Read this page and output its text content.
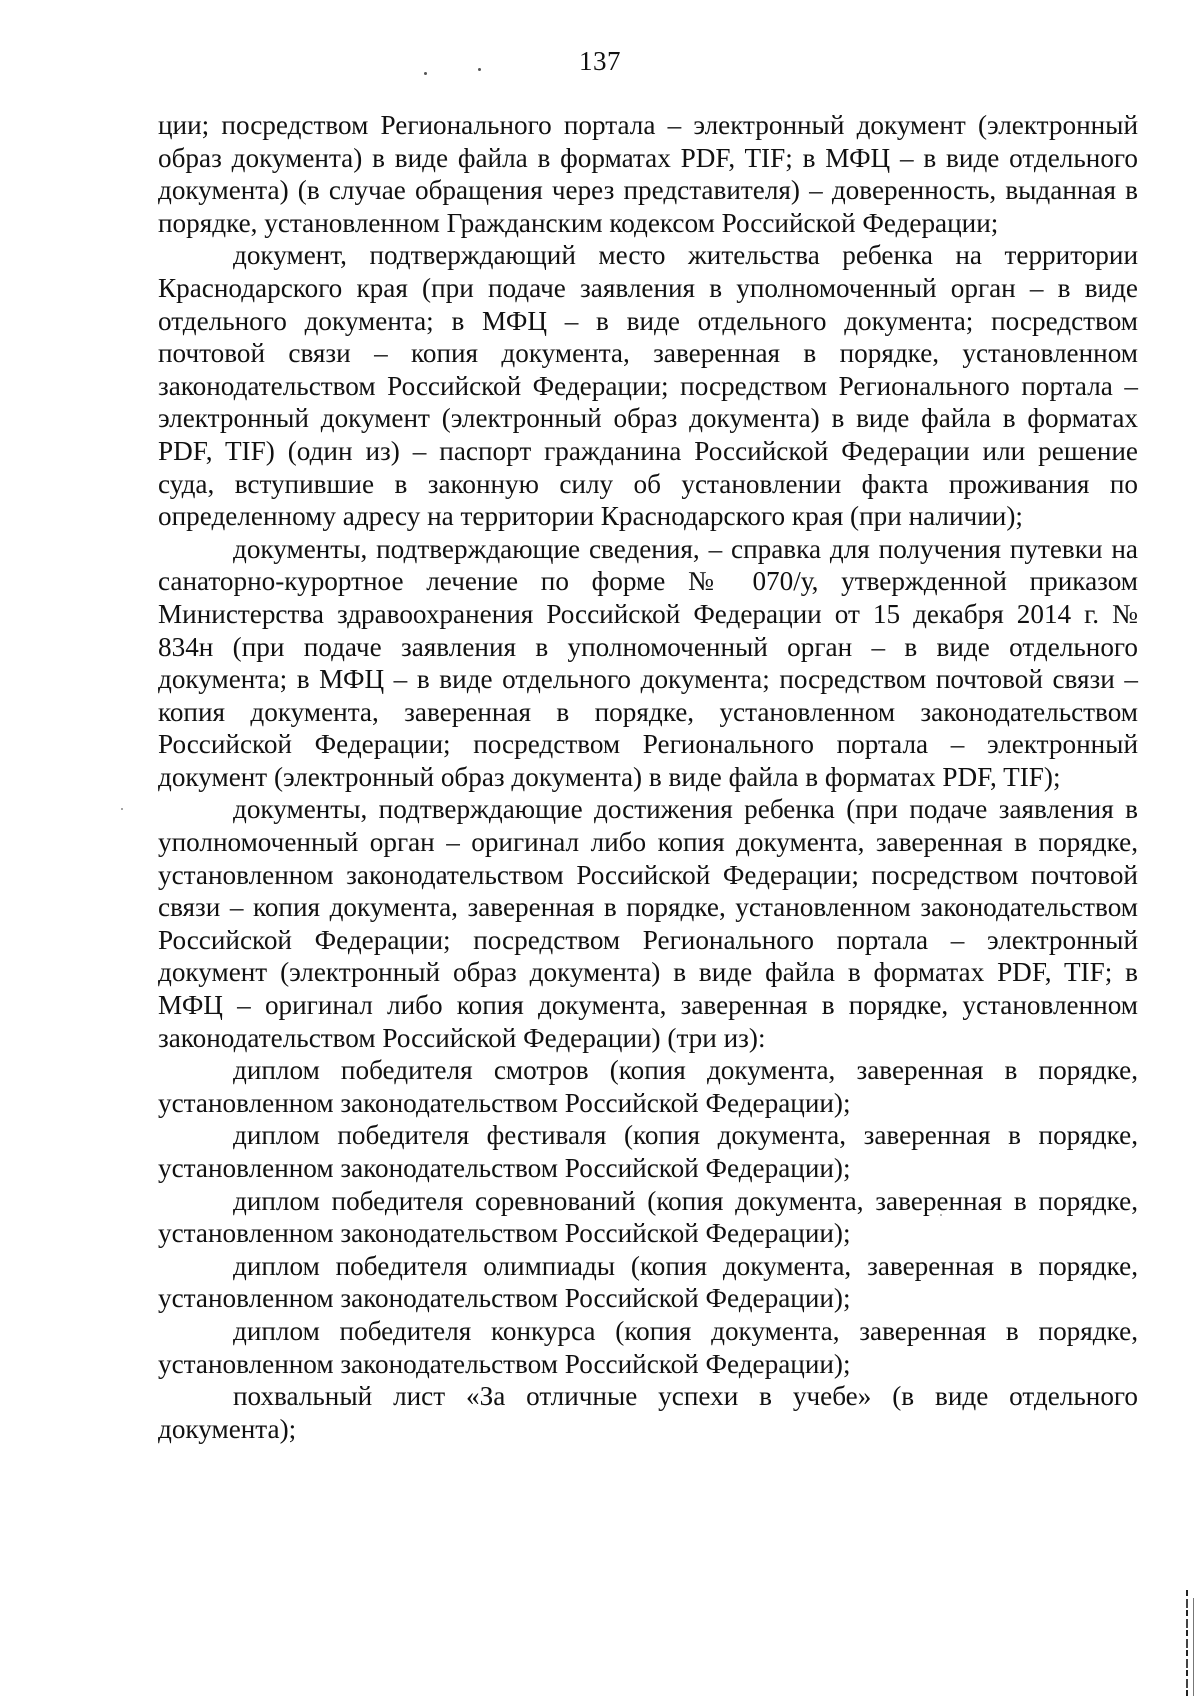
137

ции; посредством Регионального портала – электронный документ (электронный образ документа) в виде файла в форматах PDF, TIF; в МФЦ – в виде отдельного документа) (в случае обращения через представителя) – доверенность, выданная в порядке, установленном Гражданским кодексом Российской Федерации;

документ, подтверждающий место жительства ребенка на территории Краснодарского края (при подаче заявления в уполномоченный орган – в виде отдельного документа; в МФЦ – в виде отдельного документа; посредством почтовой связи – копия документа, заверенная в порядке, установленном законодательством Российской Федерации; посредством Регионального портала – электронный документ (электронный образ документа) в виде файла в форматах PDF, TIF) (один из) – паспорт гражданина Российской Федерации или решение суда, вступившие в законную силу об установлении факта проживания по определенному адресу на территории Краснодарского края (при наличии);

документы, подтверждающие сведения, – справка для получения путевки на санаторно-курортное лечение по форме № 070/у, утвержденной приказом Министерства здравоохранения Российской Федерации от 15 декабря 2014 г. № 834н (при подаче заявления в уполномоченный орган – в виде отдельного документа; в МФЦ – в виде отдельного документа; посредством почтовой связи – копия документа, заверенная в порядке, установленном законодательством Российской Федерации; посредством Регионального портала – электронный документ (электронный образ документа) в виде файла в форматах PDF, TIF);

документы, подтверждающие достижения ребенка (при подаче заявления в уполномоченный орган – оригинал либо копия документа, заверенная в порядке, установленном законодательством Российской Федерации; посредством почтовой связи – копия документа, заверенная в порядке, установленном законодательством Российской Федерации; посредством Регионального портала – электронный документ (электронный образ документа) в виде файла в форматах PDF, TIF; в МФЦ – оригинал либо копия документа, заверенная в порядке, установленном законодательством Российской Федерации) (три из):

диплом победителя смотров (копия документа, заверенная в порядке, установленном законодательством Российской Федерации);

диплом победителя фестиваля (копия документа, заверенная в порядке, установленном законодательством Российской Федерации);

диплом победителя соревнований (копия документа, заверенная в порядке, установленном законодательством Российской Федерации);

диплом победителя олимпиады (копия документа, заверенная в порядке, установленном законодательством Российской Федерации);

диплом победителя конкурса (копия документа, заверенная в порядке, установленном законодательством Российской Федерации);

похвальный лист «За отличные успехи в учебе» (в виде отдельного документа);
